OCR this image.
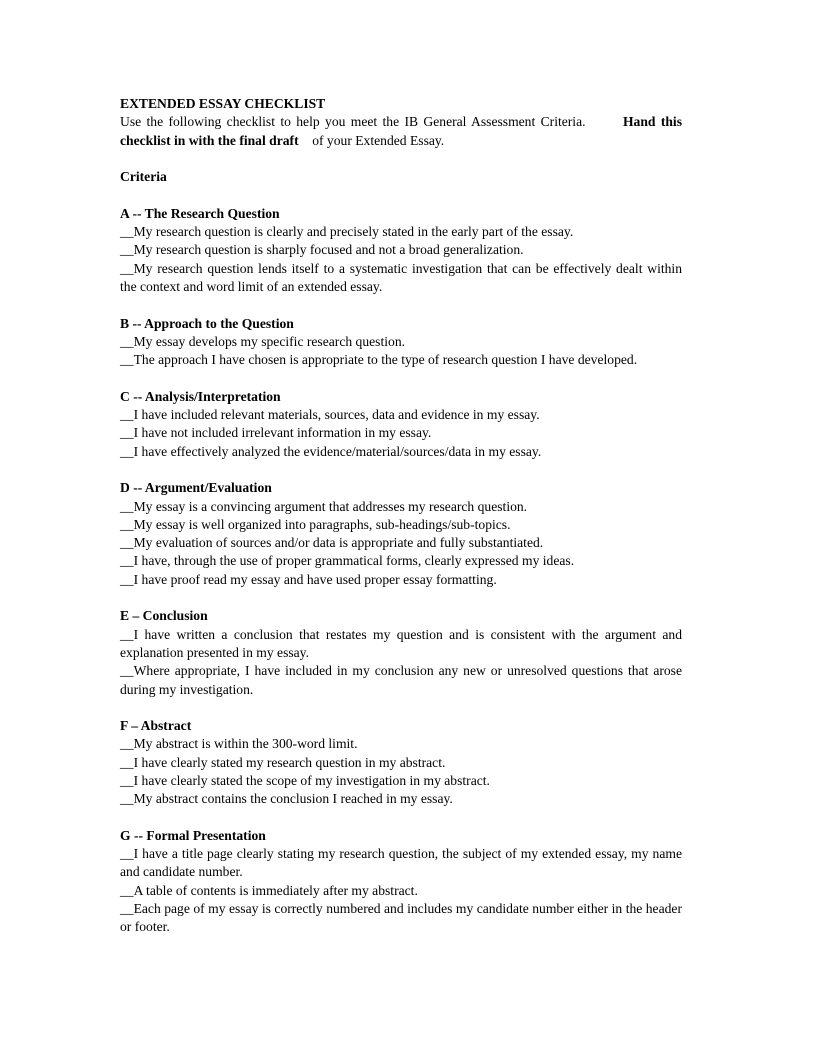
EXTENDED ESSAY CHECKLIST

Use the following checklist to help you meet the IB General Assessment Criteria.	Hand this checklist in with the final draft of your Extended Essay.

Criteria

A -- The Research Question

__My research question is clearly and precisely stated in the early part of the essay.

__My research question is sharply focused and not a broad generalization.

__My research question lends itself to a systematic investigation that can be effectively dealt within the context and word limit of an extended essay.

B -- Approach to the Question

__My essay develops my specific research question.

__The approach I have chosen is appropriate to the type of research question I have developed.

C -- Analysis/Interpretation

__I have included relevant materials, sources, data and evidence in my essay.

__I have not included irrelevant information in my essay.

__I have effectively analyzed the evidence/material/sources/data in my essay.

D -- Argument/Evaluation

__My essay is a convincing argument that addresses my research question.

__My essay is well organized into paragraphs, sub-headings/sub-topics.

__My evaluation of sources and/or data is appropriate and fully substantiated.

__I have, through the use of proper grammatical forms, clearly expressed my ideas.

__I have proof read my essay and have used proper essay formatting.

E – Conclusion

__I have written a conclusion that restates my question and is consistent with the argument and explanation presented in my essay.

__Where appropriate, I have included in my conclusion any new or unresolved questions that arose during my investigation.

F – Abstract

__My abstract is within the 300-word limit.

__I have clearly stated my research question in my abstract.

__I have clearly stated the scope of my investigation in my abstract.

__My abstract contains the conclusion I reached in my essay.

G -- Formal Presentation

__I have a title page clearly stating my research question, the subject of my extended essay, my name and candidate number.

__A table of contents is immediately after my abstract.

__Each page of my essay is correctly numbered and includes my candidate number either in the header or footer.
